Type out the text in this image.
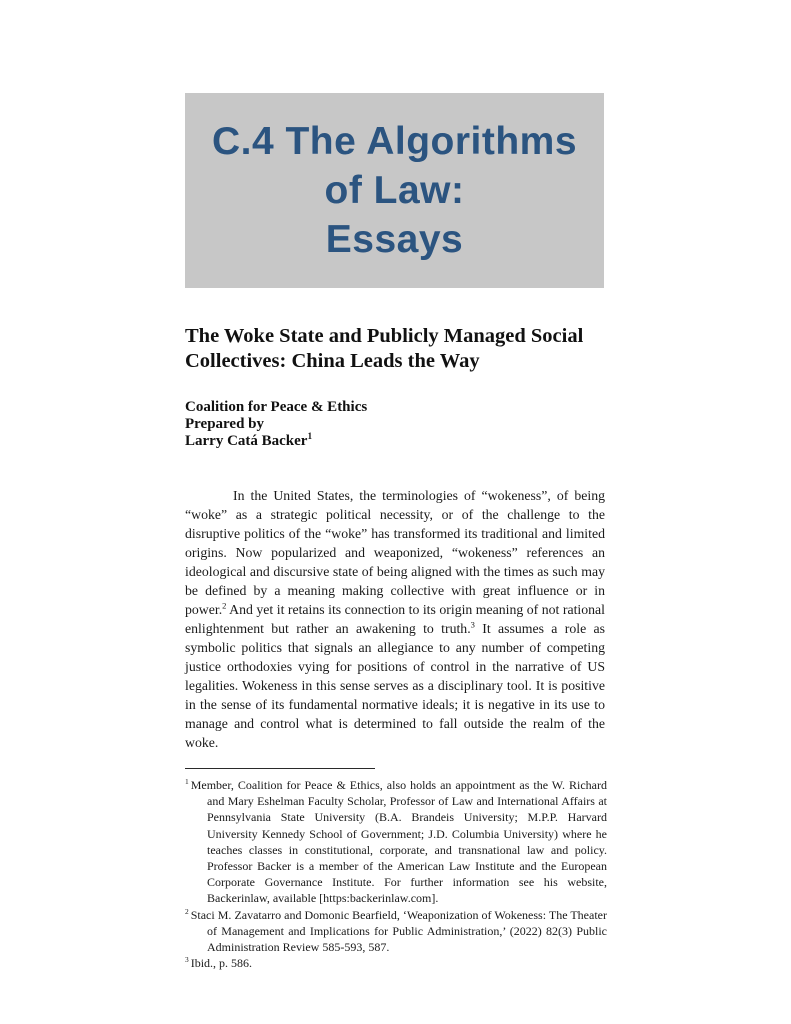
C.4 The Algorithms
of Law:
Essays
The Woke State and Publicly Managed Social
Collectives: China Leads the Way
Coalition for Peace & Ethics
Prepared by
Larry Catá Backer$^1$

In the United States, the terminologies of “wokeness”, of being “woke” as a strategic political necessity, or of the challenge to the disruptive politics of the “woke” has transformed its traditional and limited origins. Now popularized and weaponized, “wokeness” references an ideological and discursive state of being aligned with the times as such may be defined by a meaning making collective with great influence or in power.$^2$ And yet it retains its connection to its origin meaning of not rational enlightenment but rather an awakening to truth.$^3$ It assumes a role as symbolic politics that signals an allegiance to any number of competing justice orthodoxies vying for positions of control in the narrative of US legalities. Wokeness in this sense serves as a disciplinary tool. It is positive in the sense of its fundamental normative ideals; it is negative in its use to manage and control what is determined to fall outside the realm of the woke.

$^1$ Member, Coalition for Peace & Ethics, also holds an appointment as the W. Richard and Mary Eshelman Faculty Scholar, Professor of Law and International Affairs at Pennsylvania State University (B.A. Brandeis University; M.P.P. Harvard University Kennedy School of Government; J.D. Columbia University) where he teaches classes in constitutional, corporate, and transnational law and policy. Professor Backer is a member of the American Law Institute and the European Corporate Governance Institute. For further information see his website, Backerinlaw, available [https:backerinlaw.com].

$^2$ Staci M. Zavatarro and Domonic Bearfield, ‘Weaponization of Wokeness: The Theater of Management and Implications for Public Administration,’ (2022) 82(3) Public Administration Review 585-593, 587.

$^3$ Ibid., p. 586.
